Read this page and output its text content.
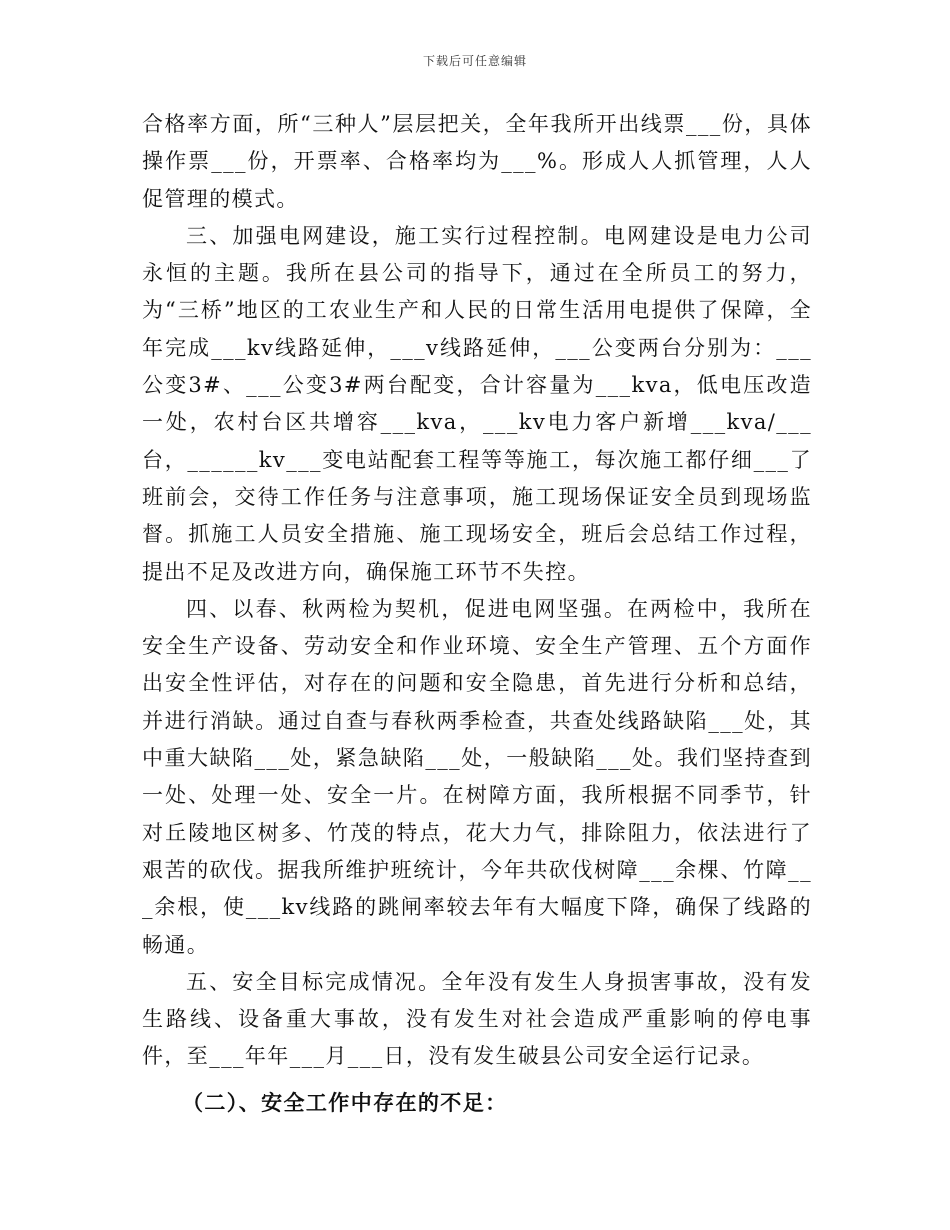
下载后可任意编辑

合格率方面，所“三种人”层层把关，全年我所开出线票___份，具体操作票___份，开票率、合格率均为___%。形成人人抓管理，人人促管理的模式。

三、加强电网建设，施工实行过程控制。电网建设是电力公司永恒的主题。我所在县公司的指导下，通过在全所员工的努力，为“三桥”地区的工农业生产和人民的日常生活用电提供了保障，全年完成___kv线路延伸，___v线路延伸，___公变两台分别为：___公变3#、___公变3#两台配变，合计容量为___kva，低电压改造一处，农村台区共增容___kva，___kv电力客户新增___kva/___台，______kv___变电站配套工程等等施工，每次施工都仔细___了班前会，交待工作任务与注意事项，施工现场保证安全员到现场监督。抓施工人员安全措施、施工现场安全，班后会总结工作过程，提出不足及改进方向，确保施工环节不失控。

四、以春、秋两检为契机，促进电网坚强。在两检中，我所在安全生产设备、劳动安全和作业环境、安全生产管理、五个方面作出安全性评估，对存在的问题和安全隐患，首先进行分析和总结，并进行消缺。通过自查与春秋两季检查，共查处线路缺陷___处，其中重大缺陷___处，紧急缺陷___处，一般缺陷___处。我们坚持查到一处、处理一处、安全一片。在树障方面，我所根据不同季节，针对丘陵地区树多、竹茂的特点，花大力气，排除阻力，依法进行了艰苦的砍伐。据我所维护班统计，今年共砍伐树障___余棵、竹障___余根，使___kv线路的跳闸率较去年有大幅度下降，确保了线路的畅通。

五、安全目标完成情况。全年没有发生人身损害事故，没有发生路线、设备重大事故，没有发生对社会造成严重影响的停电事件，至___年年___月___日，没有发生破县公司安全运行记录。

（二）、安全工作中存在的不足：
